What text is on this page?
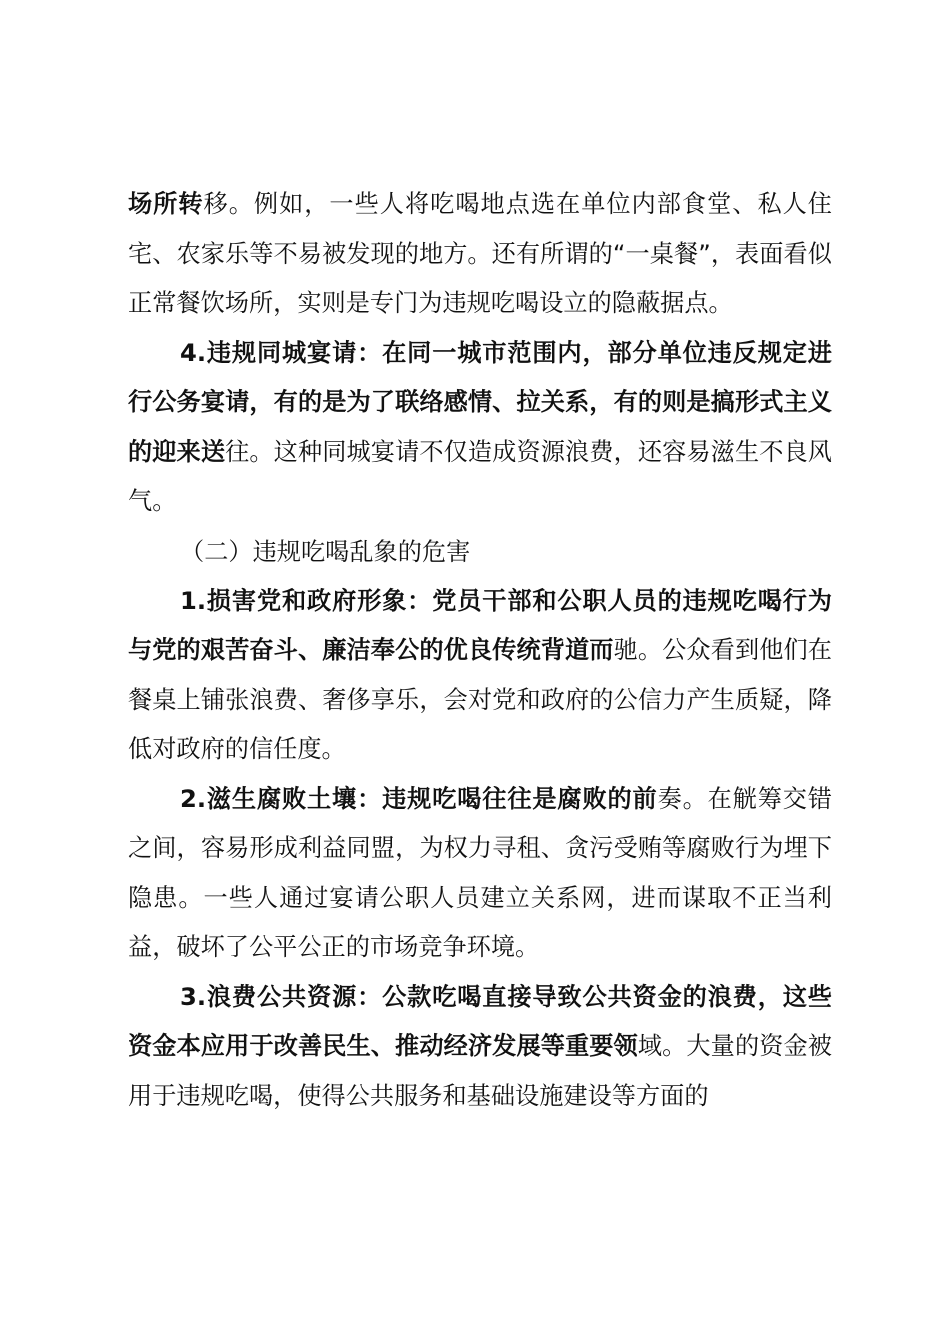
场所转移。例如，一些人将吃喝地点选在单位内部食堂、私人住宅、农家乐等不易被发现的地方。还有所谓的“一桌餐”，表面看似正常餐饮场所，实则是专门为违规吃喝设立的隐蔽据点。

4.违规同城宴请：在同一城市范围内，部分单位违反规定进行公务宴请，有的是为了联络感情、拉关系，有的则是搞形式主义的迎来送往。这种同城宴请不仅造成资源浪费，还容易滋生不良风气。

（二）违规吃喝乱象的危害

1.损害党和政府形象：党员干部和公职人员的违规吃喝行为与党的艰苦奋斗、廉洁奉公的优良传统背道而驰。公众看到他们在餐桌上铺张浪费、奢侈享乐，会对党和政府的公信力产生质疑，降低对政府的信任度。

2.滋生腐败土壤：违规吃喝往往是腐败的前奏。在觥筹交错之间，容易形成利益同盟，为权力寻租、贪污受贿等腐败行为埋下隐患。一些人通过宴请公职人员建立关系网，进而谋取不正当利益，破坏了公平公正的市场竞争环境。

3.浪费公共资源：公款吃喝直接导致公共资金的浪费，这些资金本应用于改善民生、推动经济发展等重要领域。大量的资金被用于违规吃喝，使得公共服务和基础设施建设等方面的
